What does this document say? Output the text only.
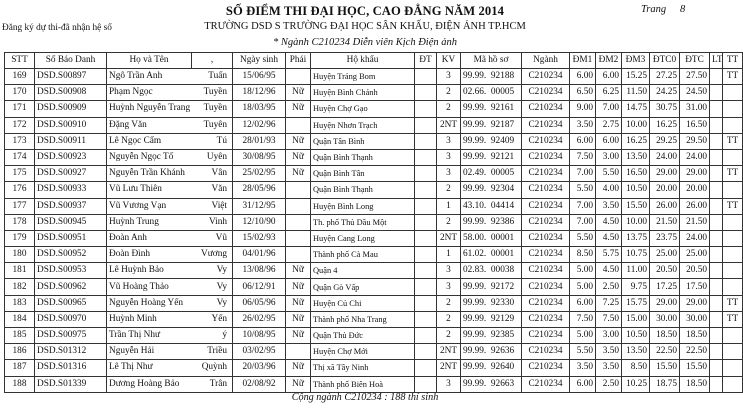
SỐ ĐIỂM THI ĐẠI HỌC, CAO ĐẲNG NĂM 2014	Trang 8
TRƯỜNG DSD S TRƯỜNG ĐẠI HỌC SÂN KHẤU, ĐIỆN ẢNH TP.HCM
Đăng ký dự thi-đã nhận hệ số
* Ngành C210234 Diễn viên Kịch Điện ảnh
STT	Số Báo Danh	Họ và Tên	,	Ngày sinh	Phái	Hộ khẩu	ĐT	KV	Mã hồ sơ	Ngành	ĐM1	ĐM2	ĐM3	ĐTC0	ĐTC	LT	TT
169	DSD.S00897	Ngô Trần Anh Tuấn		15/06/95		Huyện Trảng Bom		3	99.99. 92188	C210234	6.00	6.00	15.25	27.25	27.50		TT
170	DSD.S00908	Phạm Ngọc Tuyền		18/12/96	Nữ	Huyện Bình Chánh		2	02.66. 00005	C210234	6.50	6.25	11.50	24.25	24.50		
171	DSD.S00909	Huỳnh Nguyễn Trang Tuyền		18/03/95	Nữ	Huyện Chợ Gạo		2	99.99. 92161	C210234	9.00	7.00	14.75	30.75	31.00		
172	DSD.S00910	Đặng Văn Tuyên		12/02/96		Huyện Nhơn Trạch		2NT	99.99. 92187	C210234	3.50	2.75	10.00	16.25	16.50		
173	DSD.S00911	Lê Ngọc Cẩm Tú		28/01/93	Nữ	Quận Tân Bình		3	99.99. 92409	C210234	6.00	6.00	16.25	29.25	29.50		TT
174	DSD.S00923	Nguyễn Ngọc Tố Uyên		30/08/95	Nữ	Quận Bình Thạnh		3	99.99. 92121	C210234	7.50	3.00	13.50	24.00	24.00		
175	DSD.S00927	Nguyễn Trần Khánh Vân		25/02/95	Nữ	Quận Bình Tân		3	02.49. 00005	C210234	7.00	5.50	16.50	29.00	29.00		TT
176	DSD.S00933	Vũ Lưu Thiên Văn		28/05/96		Quận Bình Thạnh		2	99.99. 92304	C210234	5.50	4.00	10.50	20.00	20.00		
177	DSD.S00937	Vũ Vương Vạn Việt		31/12/95		Huyện Bình Long		1	43.10. 04414	C210234	7.00	3.50	15.50	26.00	26.00		TT
178	DSD.S00945	Huỳnh Trung Vinh		12/10/90		Th. phố Thủ Dầu Một		2	99.99. 92386	C210234	7.00	4.50	10.00	21.50	21.50		
179	DSD.S00951	Đoàn Anh Vũ		15/02/93		Huyện Cang Long		2NT	58.00. 00001	C210234	5.50	4.50	13.75	23.75	24.00		
180	DSD.S00952	Đoàn Đình Vương		04/01/96		Thành phố Cà Mau		1	61.02. 00001	C210234	8.50	5.75	10.75	25.00	25.00		
181	DSD.S00953	Lê Huỳnh Bảo Vy		13/08/96	Nữ	Quận 4		3	02.83. 00038	C210234	5.00	4.50	11.00	20.50	20.50		
182	DSD.S00962	Vũ Hoàng Thảo Vy		06/12/91	Nữ	Quận Gò Vấp		3	99.99. 92172	C210234	5.00	2.50	9.75	17.25	17.50		
183	DSD.S00965	Nguyễn Hoàng Yến Vy		06/05/96	Nữ	Huyện Củ Chi		2	99.99. 92330	C210234	6.00	7.25	15.75	29.00	29.00		TT
184	DSD.S00970	Huỳnh Minh Yến		26/02/95	Nữ	Thành phố Nha Trang		2	99.99. 92129	C210234	7.50	7.50	15.00	30.00	30.00		TT
185	DSD.S00975	Trần Thị Như ý		10/08/95	Nữ	Quận Thủ Đức		2	99.99. 92385	C210234	5.00	3.00	10.50	18.50	18.50		
186	DSD.S01312	Nguyễn Hải Triều		03/02/95		Huyện Chợ Mới		2NT	99.99. 92636	C210234	5.50	3.50	13.50	22.50	22.50		
187	DSD.S01316	Lê Thị Như Quỳnh		20/03/96	Nữ	Thị xã Tây Ninh		2NT	99.99. 92640	C210234	3.50	3.50	8.50	15.50	15.50		
188	DSD.S01339	Dương Hoàng Bảo Trân		02/08/92	Nữ	Thành phố Biên Hoà		3	99.99. 92663	C210234	6.00	2.50	10.25	18.75	18.50		
Cộng ngành C210234 : 188 thí sinh
